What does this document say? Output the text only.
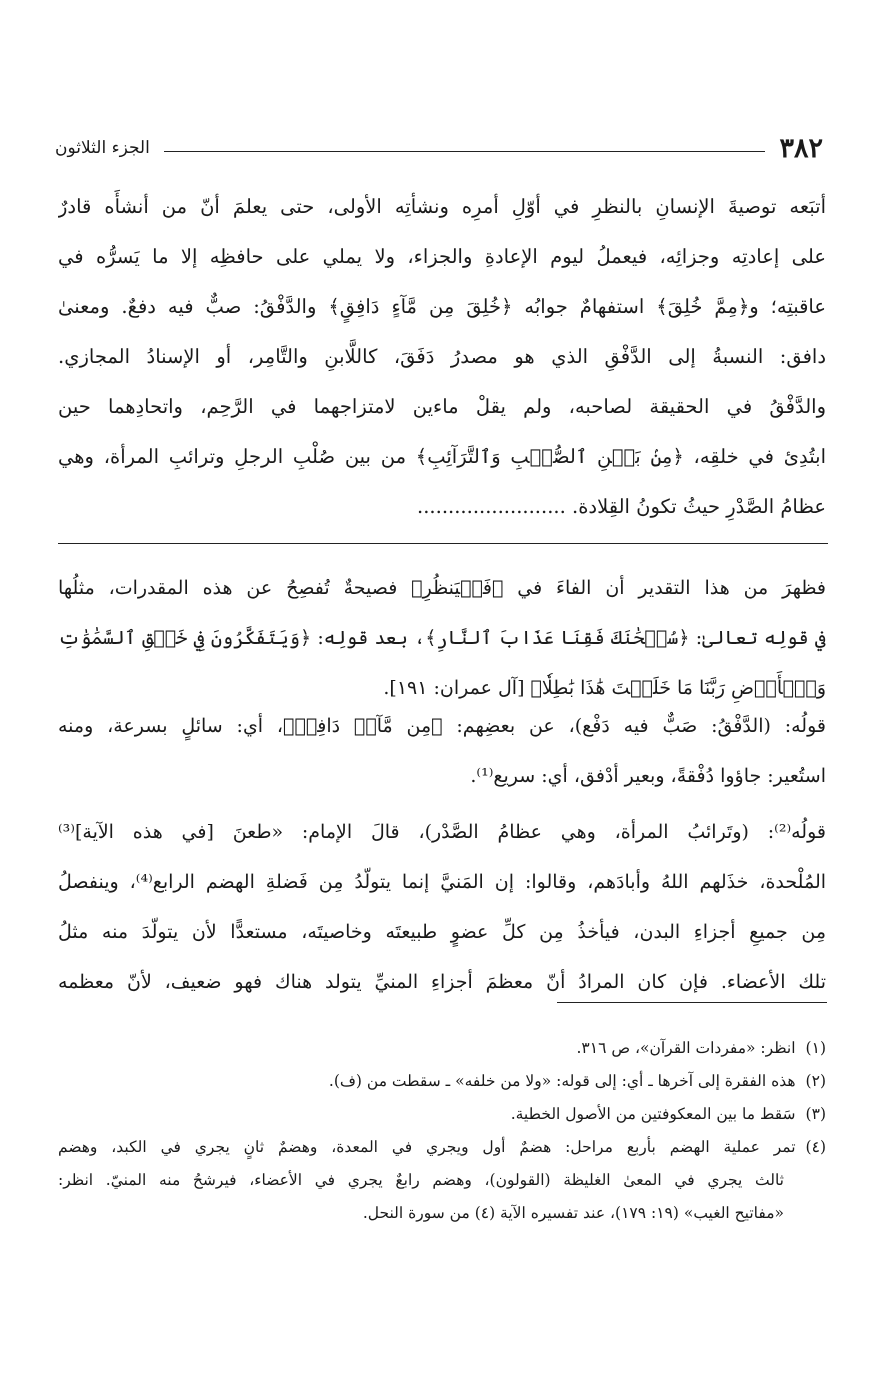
٣٨٢
الجزء الثلاثون
أتبَعه توصيةَ الإنسانِ بالنظرِ في أوّلِ أمرِه ونشأتِه الأولى، حتى يعلمَ أنّ من أنشأَه قادرٌ
على إعادتِه وجزائِه، فيعملُ ليوم الإعادةِ والجزاء، ولا يملي على حافظِه إلا ما يَسرُّه في
عاقبتِه؛ و﴿مِمَّ خُلِقَ﴾ استفهامٌ جوابُه ﴿خُلِقَ مِن مَّآءٍ دَافِقٍ﴾ والدَّفْقُ: صبٌّ فيه دفعٌ. ومعنىٰ
دافق: النسبةُ إلى الدَّفْقِ الذي هو مصدرُ دَفَقَ، كاللَّابنِ والتَّامِر، أو الإسنادُ المجازي.
والدَّفْقُ في الحقيقة لصاحبه، ولم يقلْ ماءين لامتزاجهما في الرَّحِم، واتحادِهما حين
ابتُدِئ في خلقِه، ﴿مِنۢ بَيۡنِ ٱلصُّلۡبِ وَٱلتَّرَآئِبِ﴾ من بين صُلْبِ الرجلِ وترائبِ المرأة، وهي
عظامُ الصَّدْرِ حيثُ تكونُ القِلادة. ........................
فظهرَ من هذا التقدير أن الفاءَ في ﴿فَلۡيَنظُرِ﴾ فصيحةٌ تُفصِحُ عن هذه المقدرات، مثلُها
في قولِه تعالىٰ: ﴿سُبۡحَٰنَكَ فَقِنَا عَذَابَ ٱلنَّارِ﴾، بعد قولِه: ﴿وَيَتَفَكَّرُونَ فِي خَلۡقِ ٱلسَّمَٰوَٰتِ
وَٱلۡأَرۡضِ رَبَّنَا مَا خَلَقۡتَ هَٰذَا بَٰطِلٗا﴾ [آل عمران: ١٩١].
قولُه: (الدَّفْقُ: صَبٌّ فيه دَفْع)، عن بعضِهم: ﴿مِن مَّآءٖ دَافِقٖ﴾، أي: سائلٍ بسرعة، ومنه
استُعير: جاؤوا دُفْقةً، وبعير أدْفق، أي: سريع⁽¹⁾.
قولُه⁽²⁾: (وتَرائبُ المرأة، وهي عظامُ الصَّدْر)، قالَ الإمام: «طعنَ [في هذه الآية]⁽³⁾
المُلْحدة، خذَلهم اللهُ وأبادَهم، وقالوا: إن المَنيَّ إنما يتولّدُ مِن فَضلةِ الهضم الرابع⁽⁴⁾، وينفصلُ
مِن جميعِ أجزاءِ البدن، فيأخذُ مِن كلِّ عضوٍ طبيعتَه وخاصيتَه، مستعدًّا لأن يتولّدَ منه مثلُ
تلك الأعضاء. فإن كان المرادُ أنّ معظمَ أجزاءِ المنيِّ يتولد هناك فهو ضعيف، لأنّ معظمه
(١)انظر: «مفردات القرآن»، ص ٣١٦.
(٢)هذه الفقرة إلى آخرها ـ أي: إلى قوله: «ولا من خلفه» ـ سقطت من (ف).
(٣)سَقط ما بين المعكوفتين من الأصول الخطية.
(٤)تمر عملية الهضم بأربع مراحل: هضمٌ أول ويجري في المعدة، وهضمٌ ثانٍ يجري في الكبد، وهضم
ثالث يجري في المعىٰ الغليظة (القولون)، وهضم رابعٌ يجري في الأعضاء، فيرشحُ منه المنيّ. انظر:
«مفاتيح الغيب» (١٩: ١٧٩)، عند تفسيره الآية (٤) من سورة النحل.
